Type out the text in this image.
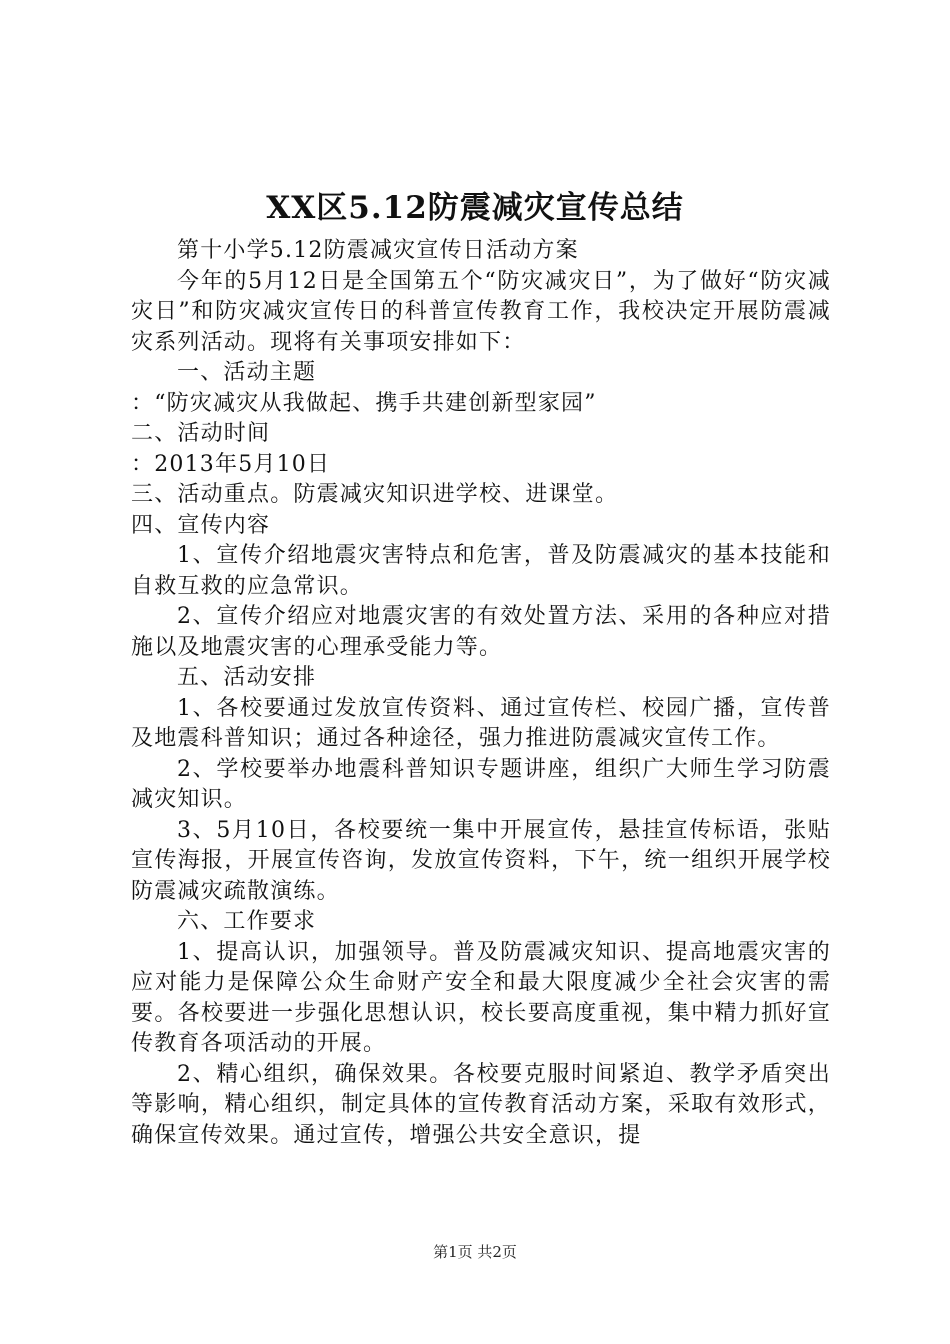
XX区5.12防震减灾宣传总结

第十小学5.12防震减灾宣传日活动方案

今年的5月12日是全国第五个“防灾减灾日”，为了做好“防灾减灾日”和防灾减灾宣传日的科普宣传教育工作，我校决定开展防震减灾系列活动。现将有关事项安排如下：

一、活动主题

：“防灾减灾从我做起、携手共建创新型家园”

二、活动时间

：2013年5月10日

三、活动重点。防震减灾知识进学校、进课堂。

四、宣传内容

1、宣传介绍地震灾害特点和危害，普及防震减灾的基本技能和自救互救的应急常识。

2、宣传介绍应对地震灾害的有效处置方法、采用的各种应对措施以及地震灾害的心理承受能力等。

五、活动安排

1、各校要通过发放宣传资料、通过宣传栏、校园广播，宣传普及地震科普知识；通过各种途径，强力推进防震减灾宣传工作。

2、学校要举办地震科普知识专题讲座，组织广大师生学习防震减灾知识。

3、5月10日，各校要统一集中开展宣传，悬挂宣传标语，张贴宣传海报，开展宣传咨询，发放宣传资料，下午，统一组织开展学校防震减灾疏散演练。

六、工作要求

1、提高认识，加强领导。普及防震减灾知识、提高地震灾害的应对能力是保障公众生命财产安全和最大限度减少全社会灾害的需要。各校要进一步强化思想认识，校长要高度重视，集中精力抓好宣传教育各项活动的开展。

2、精心组织，确保效果。各校要克服时间紧迫、教学矛盾突出等影响，精心组织，制定具体的宣传教育活动方案，采取有效形式，确保宣传效果。通过宣传，增强公共安全意识，提

第1页 共2页
